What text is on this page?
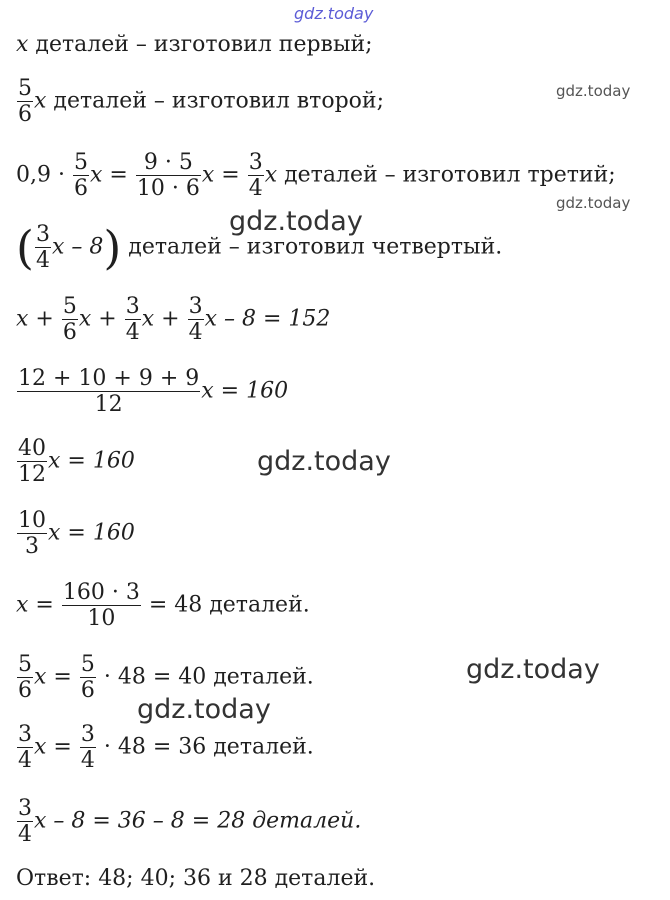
gdz.today
gdz.today
gdz.today
gdz.today
gdz.today
gdz.today
gdz.today
x деталей – изготовил первый;
$\frac{5}{6}$ x деталей – изготовил второй;
$0,9 \cdot \frac{5}{6}$ $x = \frac{9 \cdot 5}{10 \cdot 6}$ $x = \frac{3}{4}$ x деталей – изготовил третий;
( $\frac{3}{4}$ x – 8) деталей – изготовил четвертый.
$x + \frac{5}{6}$ $x + \frac{3}{4}$ $x + \frac{3}{4}$ x – 8 = 152
$\frac{12 + 10 + 9 + 9}{12}$ x = 160
$\frac{40}{12}$ x = 160
$\frac{10}{3}$ x = 160
$x = \frac{160 \cdot 3}{10} = 48$ деталей.
$\frac{5}{6}$ $x = \frac{5}{6} \cdot 48 = 40$ деталей.
$\frac{3}{4}$ $x = \frac{3}{4} \cdot 48 = 36$ деталей.
$\frac{3}{4}$ x – 8 = 36 – 8 = 28 деталей.
Ответ: 48; 40; 36 и 28 деталей.
